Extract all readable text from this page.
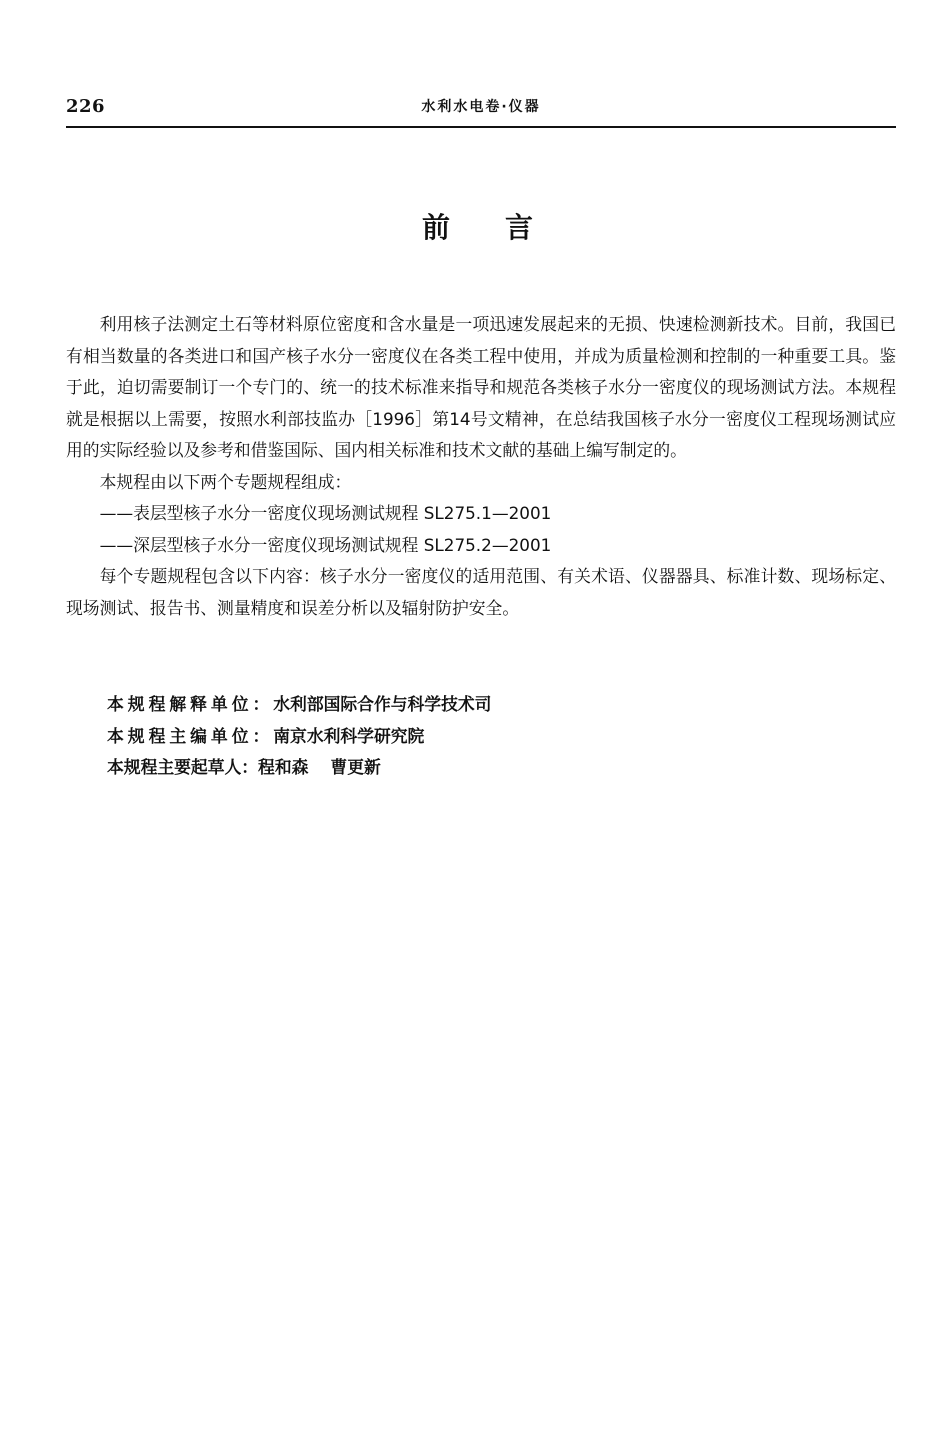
226	水利水电卷·仪器
前言

利用核子法测定土石等材料原位密度和含水量是一项迅速发展起来的无损、快速检测新技术。目前，我国已有相当数量的各类进口和国产核子水分一密度仪在各类工程中使用，并成为质量检测和控制的一种重要工具。鉴于此，迫切需要制订一个专门的、统一的技术标准来指导和规范各类核子水分一密度仪的现场测试方法。本规程就是根据以上需要，按照水利部技监办［1996］第14号文精神，在总结我国核子水分一密度仪工程现场测试应用的实际经验以及参考和借鉴国际、国内相关标准和技术文献的基础上编写制定的。

本规程由以下两个专题规程组成：

——表层型核子水分一密度仪现场测试规程 SL275.1—2001

——深层型核子水分一密度仪现场测试规程 SL275.2—2001

每个专题规程包含以下内容：核子水分一密度仪的适用范围、有关术语、仪器器具、标准计数、现场标定、现场测试、报告书、测量精度和误差分析以及辐射防护安全。

本规程解释单位： 水利部国际合作与科学技术司
本规程主编单位： 南京水利科学研究院
本规程主要起草人： 程和森 曹更新
